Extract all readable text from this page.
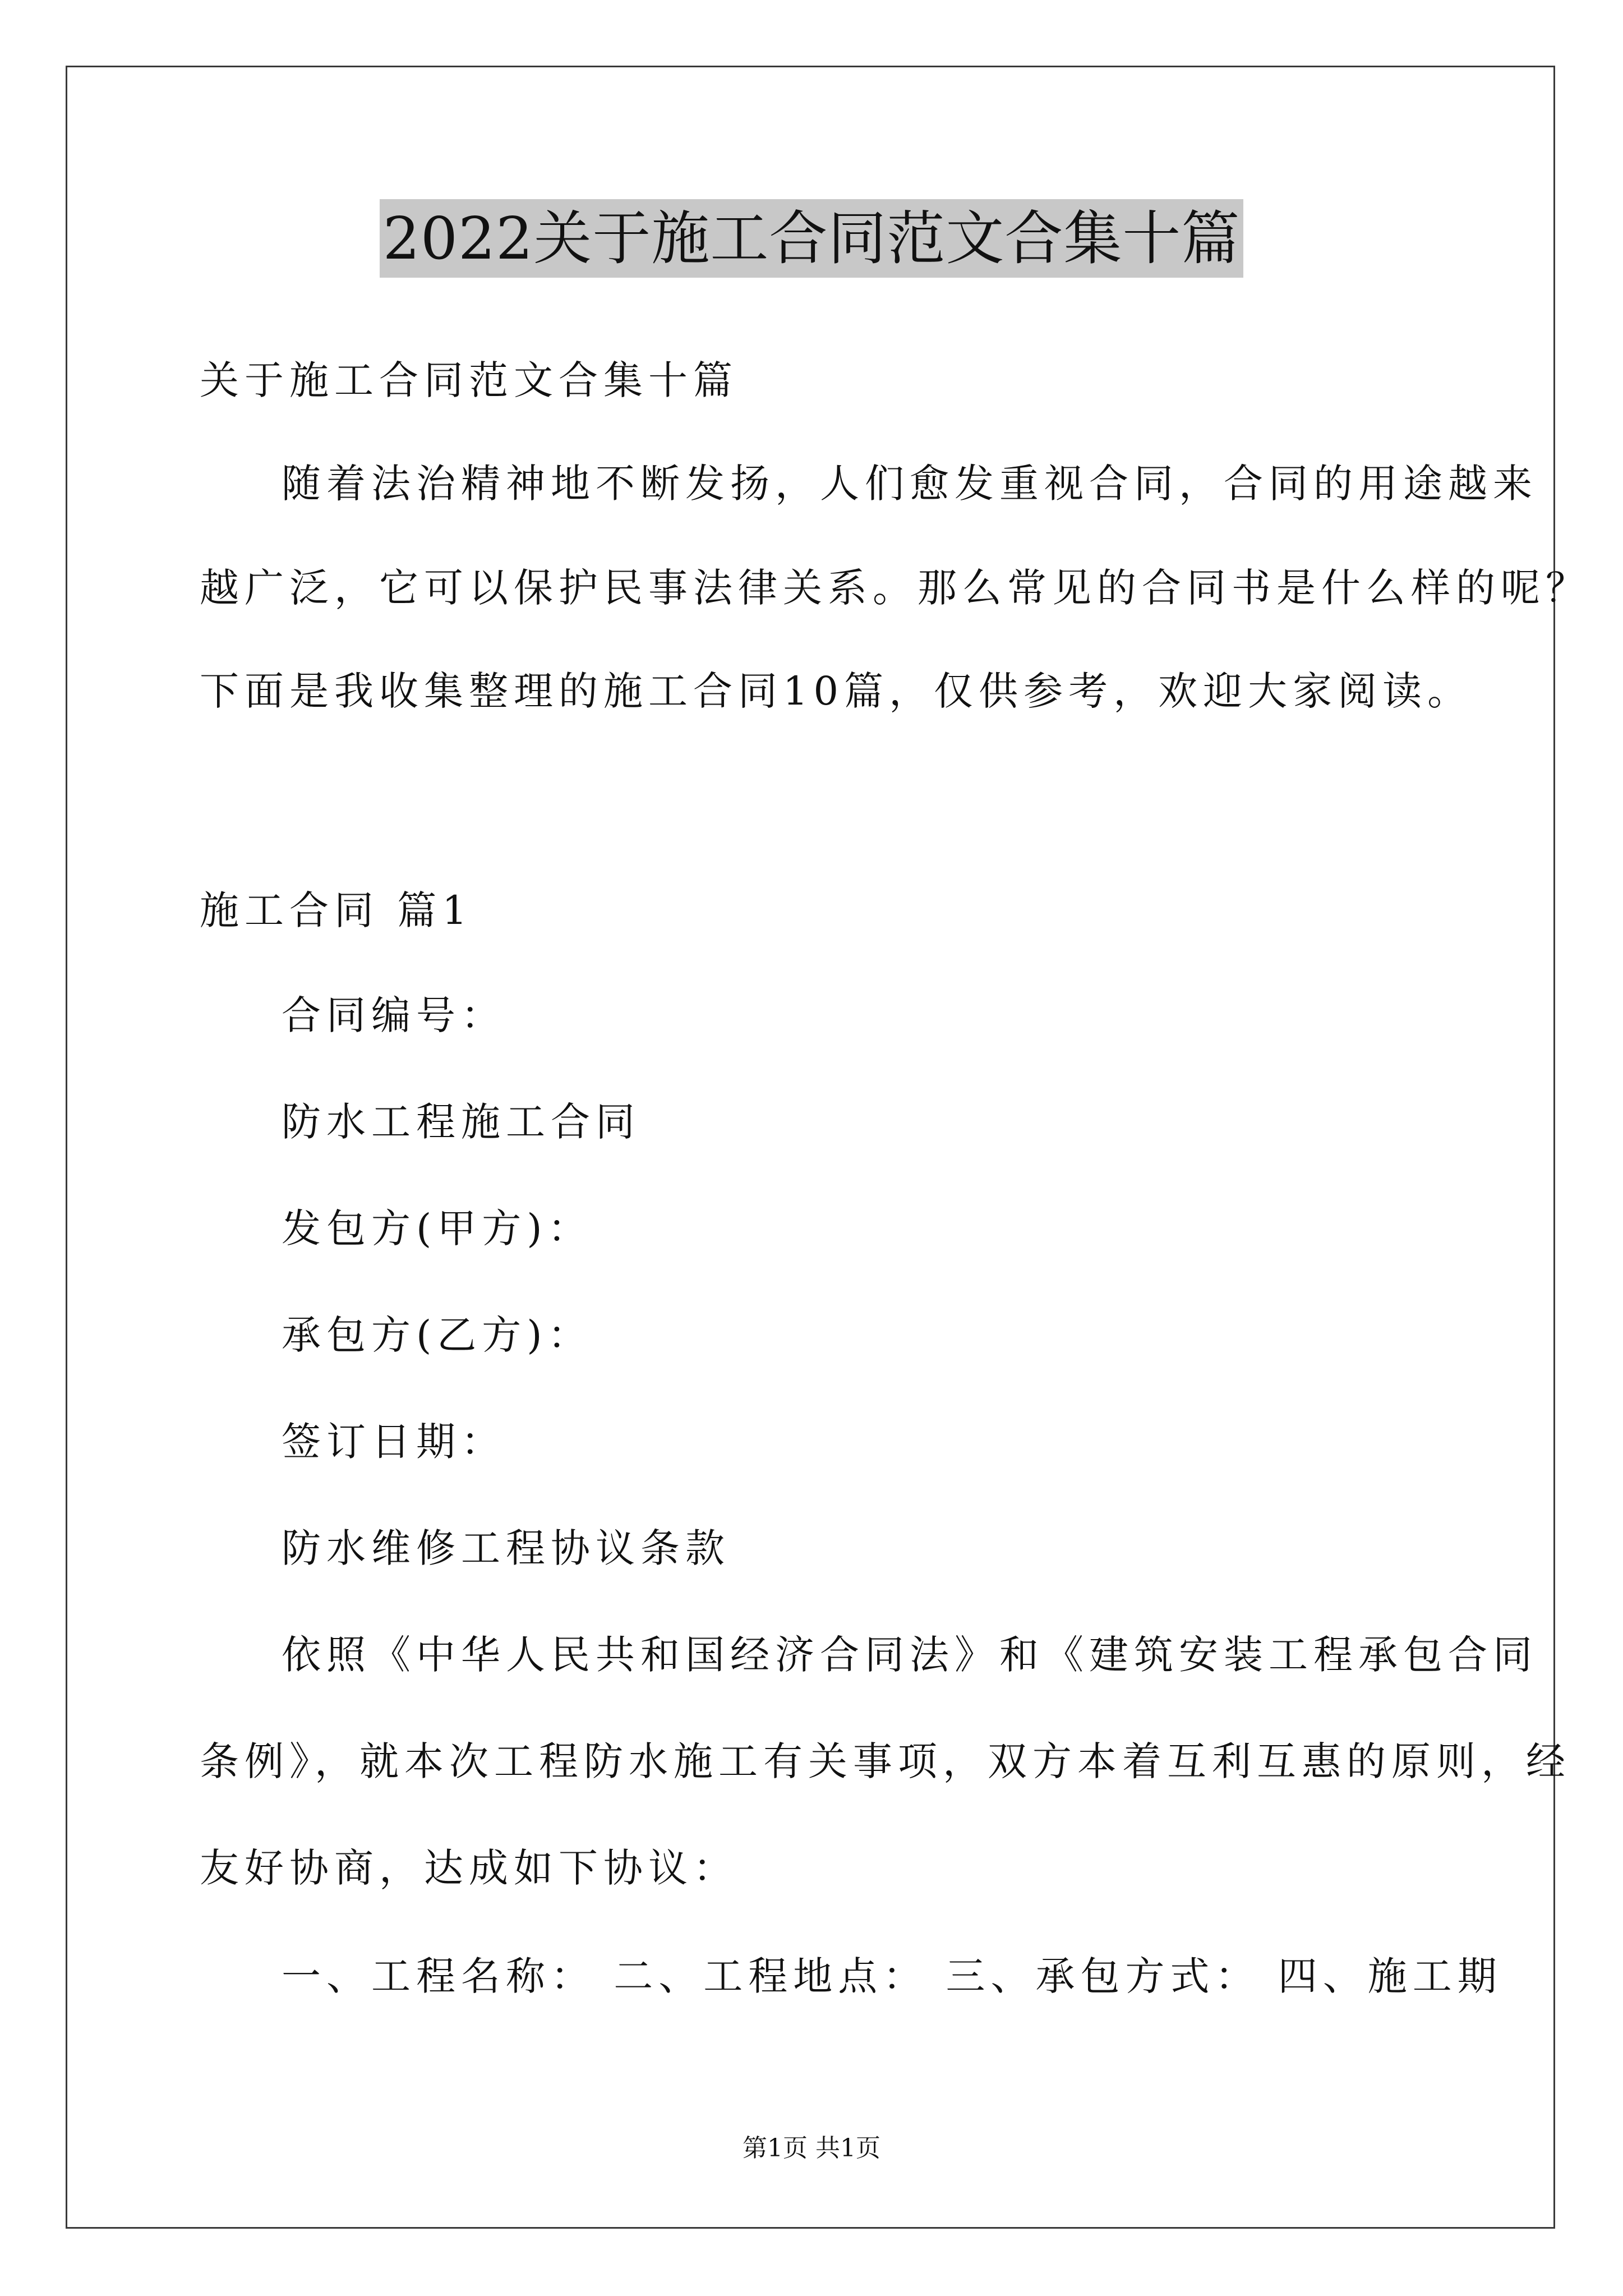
2022关于施工合同范文合集十篇
关于施工合同范文合集十篇
随着法治精神地不断发扬，人们愈发重视合同，合同的用途越来
越广泛，它可以保护民事法律关系。那么常见的合同书是什么样的呢？
下面是我收集整理的施工合同10篇，仅供参考，欢迎大家阅读。
施工合同 篇1
合同编号：
防水工程施工合同
发包方(甲方)：
承包方(乙方)：
签订日期：
防水维修工程协议条款
依照《中华人民共和国经济合同法》和《建筑安装工程承包合同
条例》，就本次工程防水施工有关事项，双方本着互利互惠的原则，经
友好协商，达成如下协议：
一、工程名称： 二、工程地点： 三、承包方式： 四、施工期
第1页 共1页
